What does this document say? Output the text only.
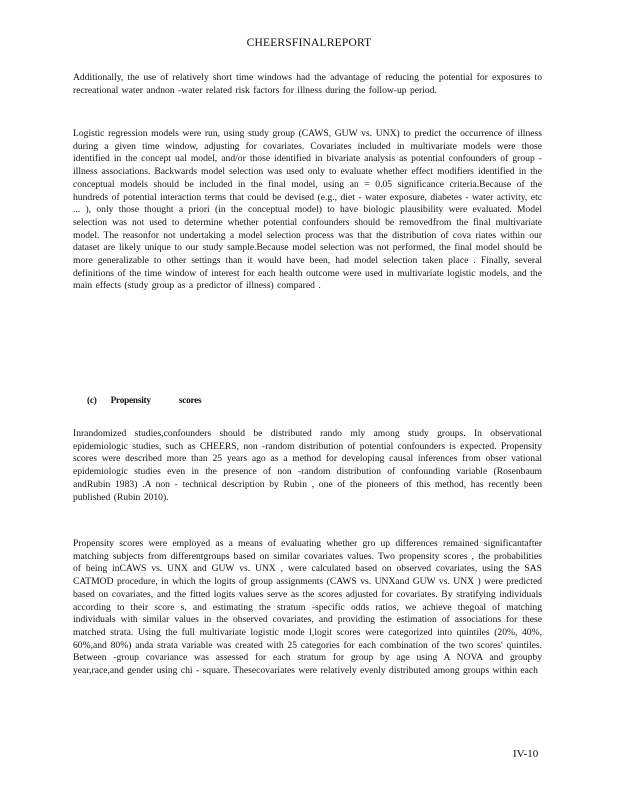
CHEERSFINALREPORT

Additionally, the use of relatively short time windows had the advantage of reducing the potential for exposures to recreational water andnon -water related risk factors for illness during the follow-up period.

Logistic regression models were run, using study group (CAWS, GUW vs. UNX) to predict the occurrence of illness during a given time window, adjusting for covariates. Covariates included in multivariate models were those identified in the concept ual model, and/or those identified in bivariate analysis as potential confounders of group -illness associations. Backwards model selection was used only to evaluate whether effect modifiers identified in the conceptual models should be included in the final model, using an = 0.05 significance criteria.Because of the hundreds of potential interaction terms that could be devised (e.g., diet - water exposure, diabetes - water activity, etc ... ), only those thought a priori (in the conceptual model) to have biologic plausibility were evaluated. Model selection was not used to determine whether potential confounders should be removedfrom the final multivariate model. The reasonfor not undertaking a model selection process was that the distribution of cova riates within our dataset are likely unique to our study sample.Because model selection was not performed, the final model should be more generalizable to other settings than it would have been, had model selection taken place . Finally, several definitions of the time window of interest for each health outcome were used in multivariate logistic models, and the main effects (study group as a predictor of illness) compared .

(c) Propensity	scores

Inrandomized studies,confounders should be distributed rando mly among study groups. In observational epidemiologic studies, such as CHEERS, non -random distribution of potential confounders is expected. Propensity scores were described more than 25 years ago as a method for developing causal inferences from obser vational epidemiologic studies even in the presence of non -random distribution of confounding variable (Rosenbaum andRubin 1983) .A non - technical description by Rubin , one of the pioneers of this method, has recently been published (Rubin 2010).

Propensity scores were employed as a means of evaluating whether gro up differences remained significantafter matching subjects from differentgroups based on similar covariates values. Two propensity scores , the probabilities of being inCAWS vs. UNX and GUW vs. UNX , were calculated based on observed covariates, using the SAS CATMOD procedure, in which the logits of group assignments (CAWS vs. UNXand GUW vs. UNX ) were predicted based on covariates, and the fitted logits values serve as the scores adjusted for covariates. By stratifying individuals according to their score s, and estimating the stratum -specific odds ratios, we achieve thegoal of matching individuals with similar values in the observed covariates, and providing the estimation of associations for these matched strata. Using the full multivariate logistic mode l,logit scores were categorized into quintiles (20%, 40%, 60%,and 80%) anda strata variable was created with 25 categories for each combination of the two scores' quintiles. Between -group covariance was assessed for each stratum for group by age using A NOVA and groupby year,race,and gender using chi - square. Thesecovariates were relatively evenly distributed among groups within each

IV-10
